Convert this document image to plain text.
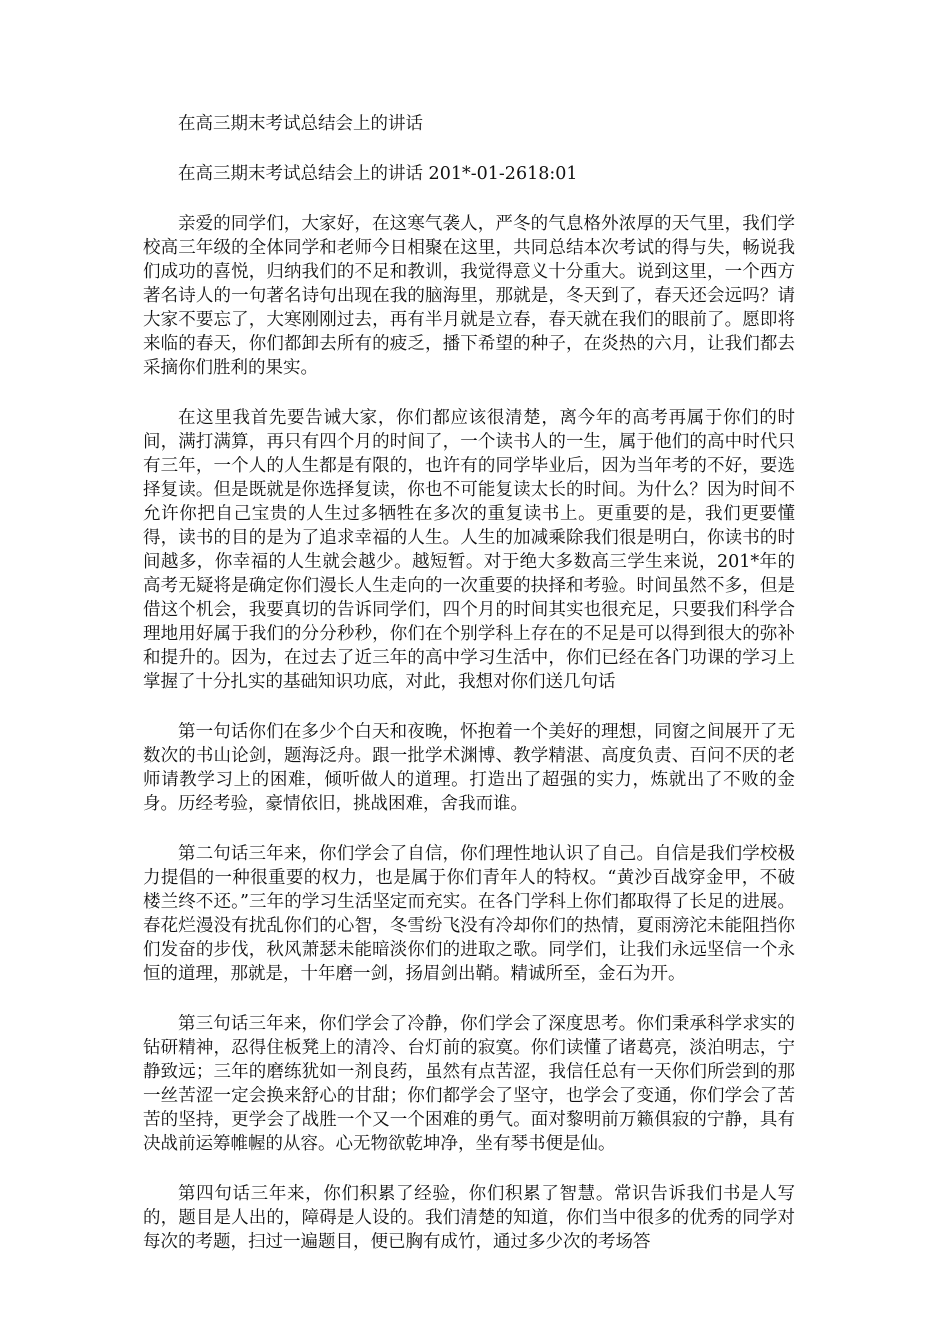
在高三期末考试总结会上的讲话

在高三期末考试总结会上的讲话 201*-01-2618:01

亲爱的同学们，大家好，在这寒气袭人，严冬的气息格外浓厚的天气里，我们学校高三年级的全体同学和老师今日相聚在这里，共同总结本次考试的得与失，畅说我们成功的喜悦，归纳我们的不足和教训，我觉得意义十分重大。说到这里，一个西方著名诗人的一句著名诗句出现在我的脑海里，那就是，冬天到了，春天还会远吗？请大家不要忘了，大寒刚刚过去，再有半月就是立春，春天就在我们的眼前了。愿即将来临的春天，你们都卸去所有的疲乏，播下希望的种子，在炎热的六月，让我们都去采摘你们胜利的果实。

在这里我首先要告诫大家，你们都应该很清楚，离今年的高考再属于你们的时间，满打满算，再只有四个月的时间了，一个读书人的一生，属于他们的高中时代只有三年，一个人的人生都是有限的，也许有的同学毕业后，因为当年考的不好，要选择复读。但是既就是你选择复读，你也不可能复读太长的时间。为什么？因为时间不允许你把自己宝贵的人生过多牺牲在多次的重复读书上。更重要的是，我们更要懂得，读书的目的是为了追求幸福的人生。人生的加减乘除我们很是明白，你读书的时间越多，你幸福的人生就会越少。越短暂。对于绝大多数高三学生来说，201*年的高考无疑将是确定你们漫长人生走向的一次重要的抉择和考验。时间虽然不多，但是借这个机会，我要真切的告诉同学们，四个月的时间其实也很充足，只要我们科学合理地用好属于我们的分分秒秒，你们在个别学科上存在的不足是可以得到很大的弥补和提升的。因为，在过去了近三年的高中学习生活中，你们已经在各门功课的学习上掌握了十分扎实的基础知识功底，对此，我想对你们送几句话

第一句话你们在多少个白天和夜晚，怀抱着一个美好的理想，同窗之间展开了无数次的书山论剑，题海泛舟。跟一批学术渊博、教学精湛、高度负责、百问不厌的老师请教学习上的困难，倾听做人的道理。打造出了超强的实力，炼就出了不败的金身。历经考验，豪情依旧，挑战困难，舍我而谁。

第二句话三年来，你们学会了自信，你们理性地认识了自己。自信是我们学校极力提倡的一种很重要的权力，也是属于你们青年人的特权。“黄沙百战穿金甲，不破楼兰终不还。”三年的学习生活坚定而充实。在各门学科上你们都取得了长足的进展。春花烂漫没有扰乱你们的心智，冬雪纷飞没有冷却你们的热情，夏雨滂沱未能阻挡你们发奋的步伐，秋风萧瑟未能暗淡你们的进取之歌。同学们，让我们永远坚信一个永恒的道理，那就是，十年磨一剑，扬眉剑出鞘。精诚所至，金石为开。

第三句话三年来，你们学会了冷静，你们学会了深度思考。你们秉承科学求实的钻研精神，忍得住板凳上的清冷、台灯前的寂寞。你们读懂了诸葛亮，淡泊明志，宁静致远；三年的磨练犹如一剂良药，虽然有点苦涩，我信任总有一天你们所尝到的那一丝苦涩一定会换来舒心的甘甜；你们都学会了坚守，也学会了变通，你们学会了苦苦的坚持，更学会了战胜一个又一个困难的勇气。面对黎明前万籁俱寂的宁静，具有决战前运筹帷幄的从容。心无物欲乾坤净，坐有琴书便是仙。

第四句话三年来，你们积累了经验，你们积累了智慧。常识告诉我们书是人写的，题目是人出的，障碍是人设的。我们清楚的知道，你们当中很多的优秀的同学对每次的考题，扫过一遍题目，便已胸有成竹，通过多少次的考场答
